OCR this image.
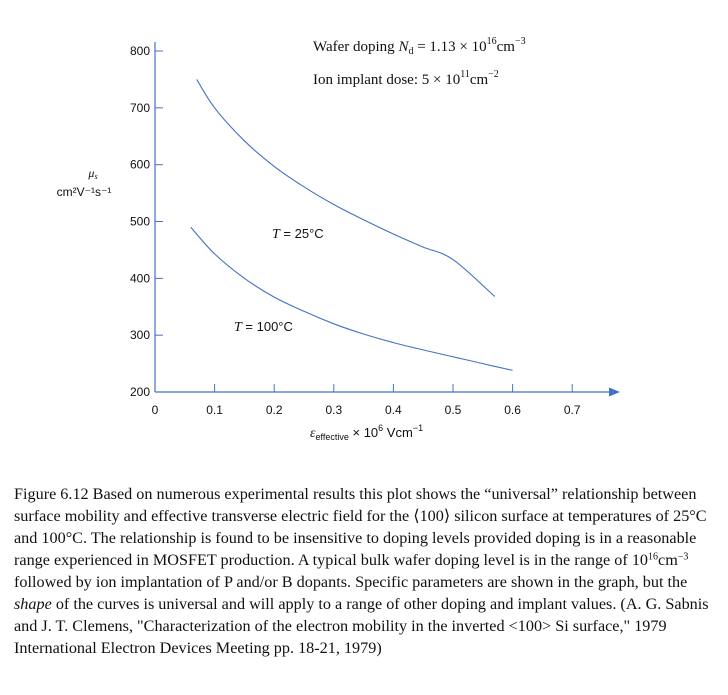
0	0.1	0.2	0.3	0.4	0.5	0.6	0.7
200
300
400
500
600
700
800
T = 25°C
T = 100°C
μs
cm²V⁻¹s⁻¹
$\varepsilon_{effective} \times 10^6$ Vcm$^{-1}$
Wafer doping $N_d = 1.13 \times 10^{16}cm^{-3}$
Ion implant dose: $5 \times 10^{11}cm^{-2}$

Figure 6.12 Based on numerous experimental results this plot shows the “universal” relationship between surface mobility and effective transverse electric field for the ⟨100⟩ silicon surface at temperatures of 25°C and 100°C. The relationship is found to be insensitive to doping levels provided doping is in a reasonable range experienced in MOSFET production. A typical bulk wafer doping level is in the range of $10^{16}cm^{-3}$ followed by ion implantation of P and/or B dopants. Specific parameters are shown in the graph, but the shape of the curves is universal and will apply to a range of other doping and implant values. (A. G. Sabnis and J. T. Clemens, "Characterization of the electron mobility in the inverted <100> Si surface," 1979 International Electron Devices Meeting pp. 18-21, 1979)
